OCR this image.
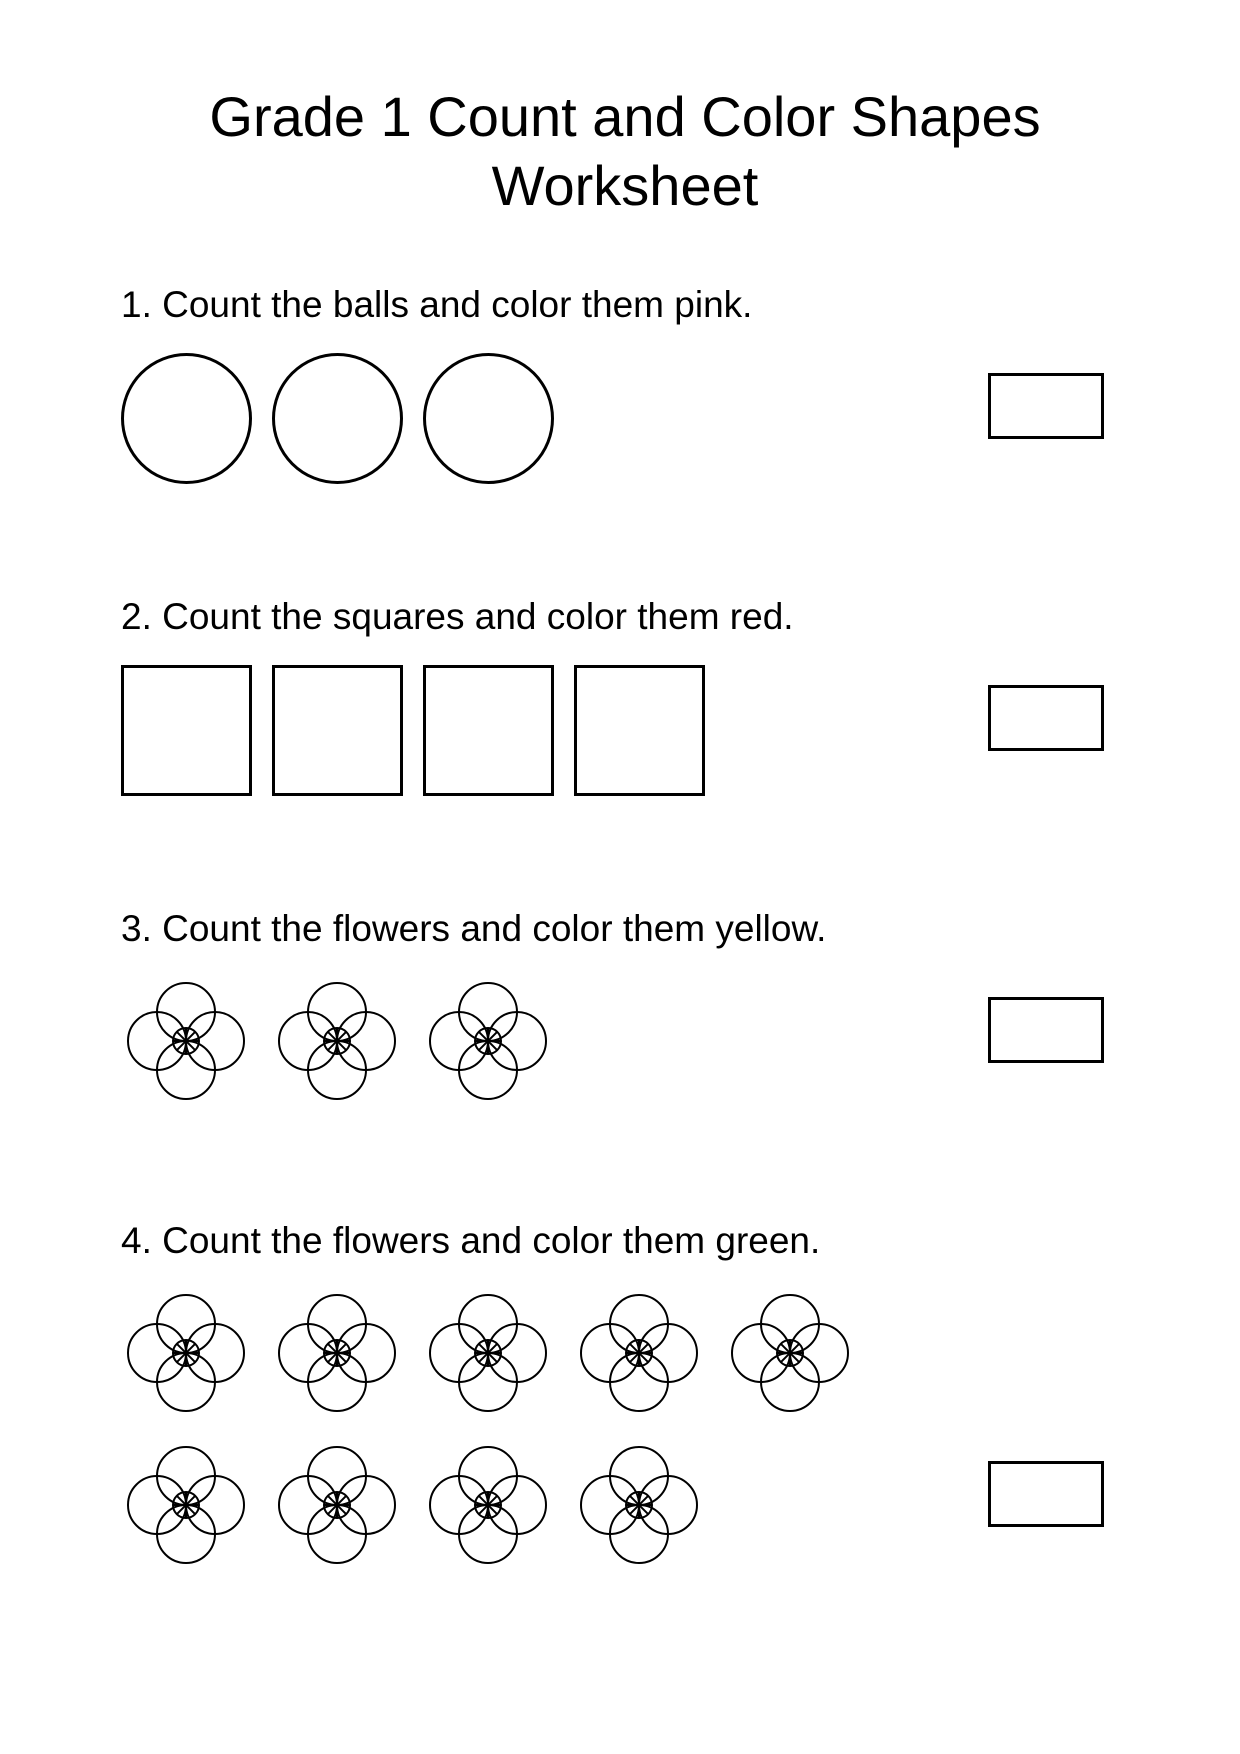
Grade 1 Count and Color Shapes
Worksheet

1. Count the balls and color them pink.

2. Count the squares and color them red.

3. Count the flowers and color them yellow.

4. Count the flowers and color them green.
